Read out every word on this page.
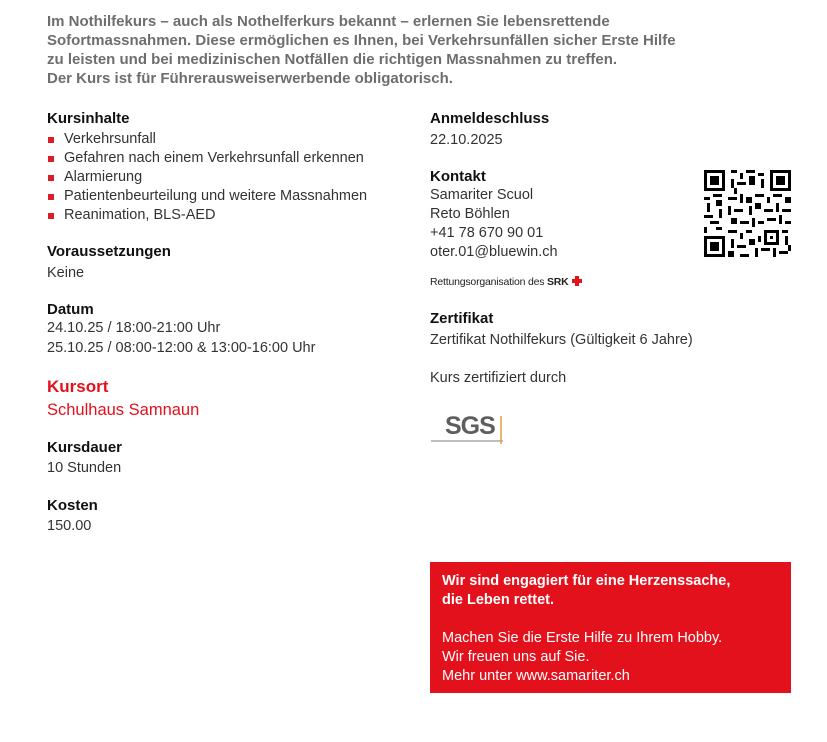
Im Nothilfekurs – auch als Nothelferkurs bekannt – erlernen Sie lebensrettende
Sofortmassnahmen. Diese ermöglichen es Ihnen, bei Verkehrsunfällen sicher Erste Hilfe
zu leisten und bei medizinischen Notfällen die richtigen Massnahmen zu treffen.
Der Kurs ist für Führerausweiserwerbende obligatorisch.
Kursinhalte
Verkehrsunfall
Gefahren nach einem Verkehrsunfall erkennen
Alarmierung
Patientenbeurteilung und weitere Massnahmen
Reanimation, BLS-AED
Voraussetzungen
Keine
Datum
24.10.25 / 18:00-21:00 Uhr
25.10.25 / 08:00-12:00 & 13:00-16:00 Uhr
Kursort
Schulhaus Samnaun
Kursdauer
10 Stunden
Kosten
150.00
Anmeldeschluss
22.10.2025
Kontakt
Samariter Scuol
Reto Böhlen
+41 78 670 90 01
oter.01@bluewin.ch
Rettungsorganisation des SRK
Zertifikat
Zertifikat Nothilfekurs (Gültigkeit 6 Jahre)
Kurs zertifiziert durch
SGS
Wir sind engagiert für eine Herzenssache,
die Leben rettet.
Machen Sie die Erste Hilfe zu Ihrem Hobby.
Wir freuen uns auf Sie.
Mehr unter www.samariter.ch
